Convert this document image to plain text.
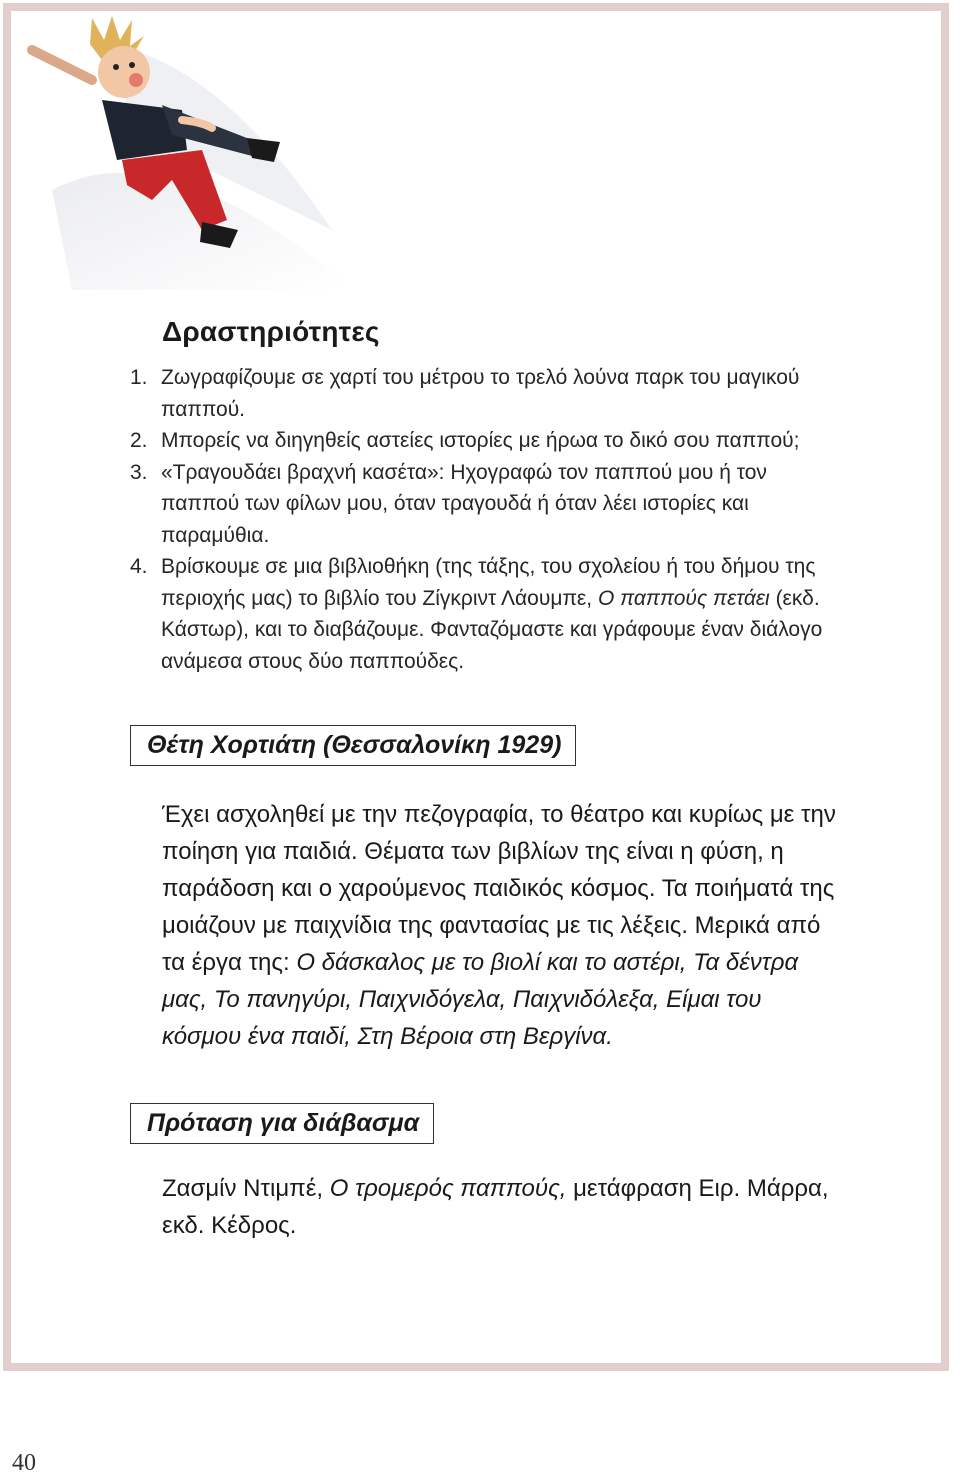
Δραστηριότητες
1. Ζωγραφίζουμε σε χαρτί του μέτρου το τρελό λούνα παρκ του μαγικού παππού.
2. Μπορείς να διηγηθείς αστείες ιστορίες με ήρωα το δικό σου παππού;
3. «Τραγουδάει βραχνή κασέτα»: Ηχογραφώ τον παππού μου ή τον παππού των φίλων μου, όταν τραγουδά ή όταν λέει ιστορίες και παραμύθια.
4. Βρίσκουμε σε μια βιβλιοθήκη (της τάξης, του σχολείου ή του δήμου της περιοχής μας) το βιβλίο του Ζίγκριντ Λάουμπε, Ο παππούς πετάει (εκδ. Κάστωρ), και το διαβάζουμε. Φανταζόμαστε και γράφουμε έναν διάλογο ανάμεσα στους δύο παππούδες.
Θέτη Χορτιάτη (Θεσσαλονίκη 1929)
Έχει ασχοληθεί με την πεζογραφία, το θέατρο και κυρίως με την ποίηση για παιδιά. Θέματα των βιβλίων της είναι η φύση, η παράδοση και ο χαρούμενος παιδικός κόσμος. Τα ποιήματά της μοιάζουν με παιχνίδια της φαντασίας με τις λέξεις. Μερικά από τα έργα της: Ο δάσκαλος με το βιολί και το αστέρι, Τα δέντρα μας, Το πανηγύρι, Παιχνιδόγελα, Παιχνιδόλεξα, Είμαι του κόσμου ένα παιδί, Στη Βέροια στη Βεργίνα.
Πρόταση για διάβασμα
Ζασμίν Ντιμπέ, Ο τρομερός παππούς, μετάφραση Ειρ. Μάρρα, εκδ. Κέδρος.
40
